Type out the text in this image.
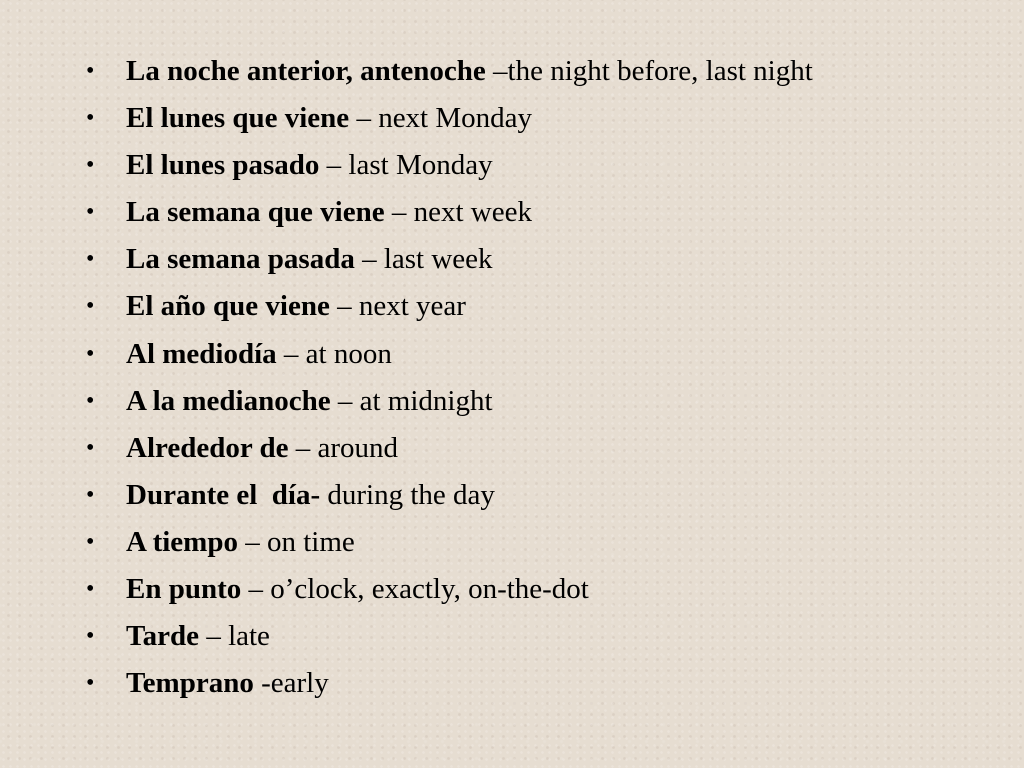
• La noche anterior, antenoche –the night before, last night
• El lunes que viene – next Monday
• El lunes pasado – last Monday
• La semana que viene – next week
• La semana pasada – last week
• El año que viene – next year
• Al mediodía – at noon
• A la medianoche – at midnight
• Alrededor de – around
• Durante el  día- during the day
• A tiempo – on time
• En punto – o’clock, exactly, on-the-dot
• Tarde – late
• Temprano -early
